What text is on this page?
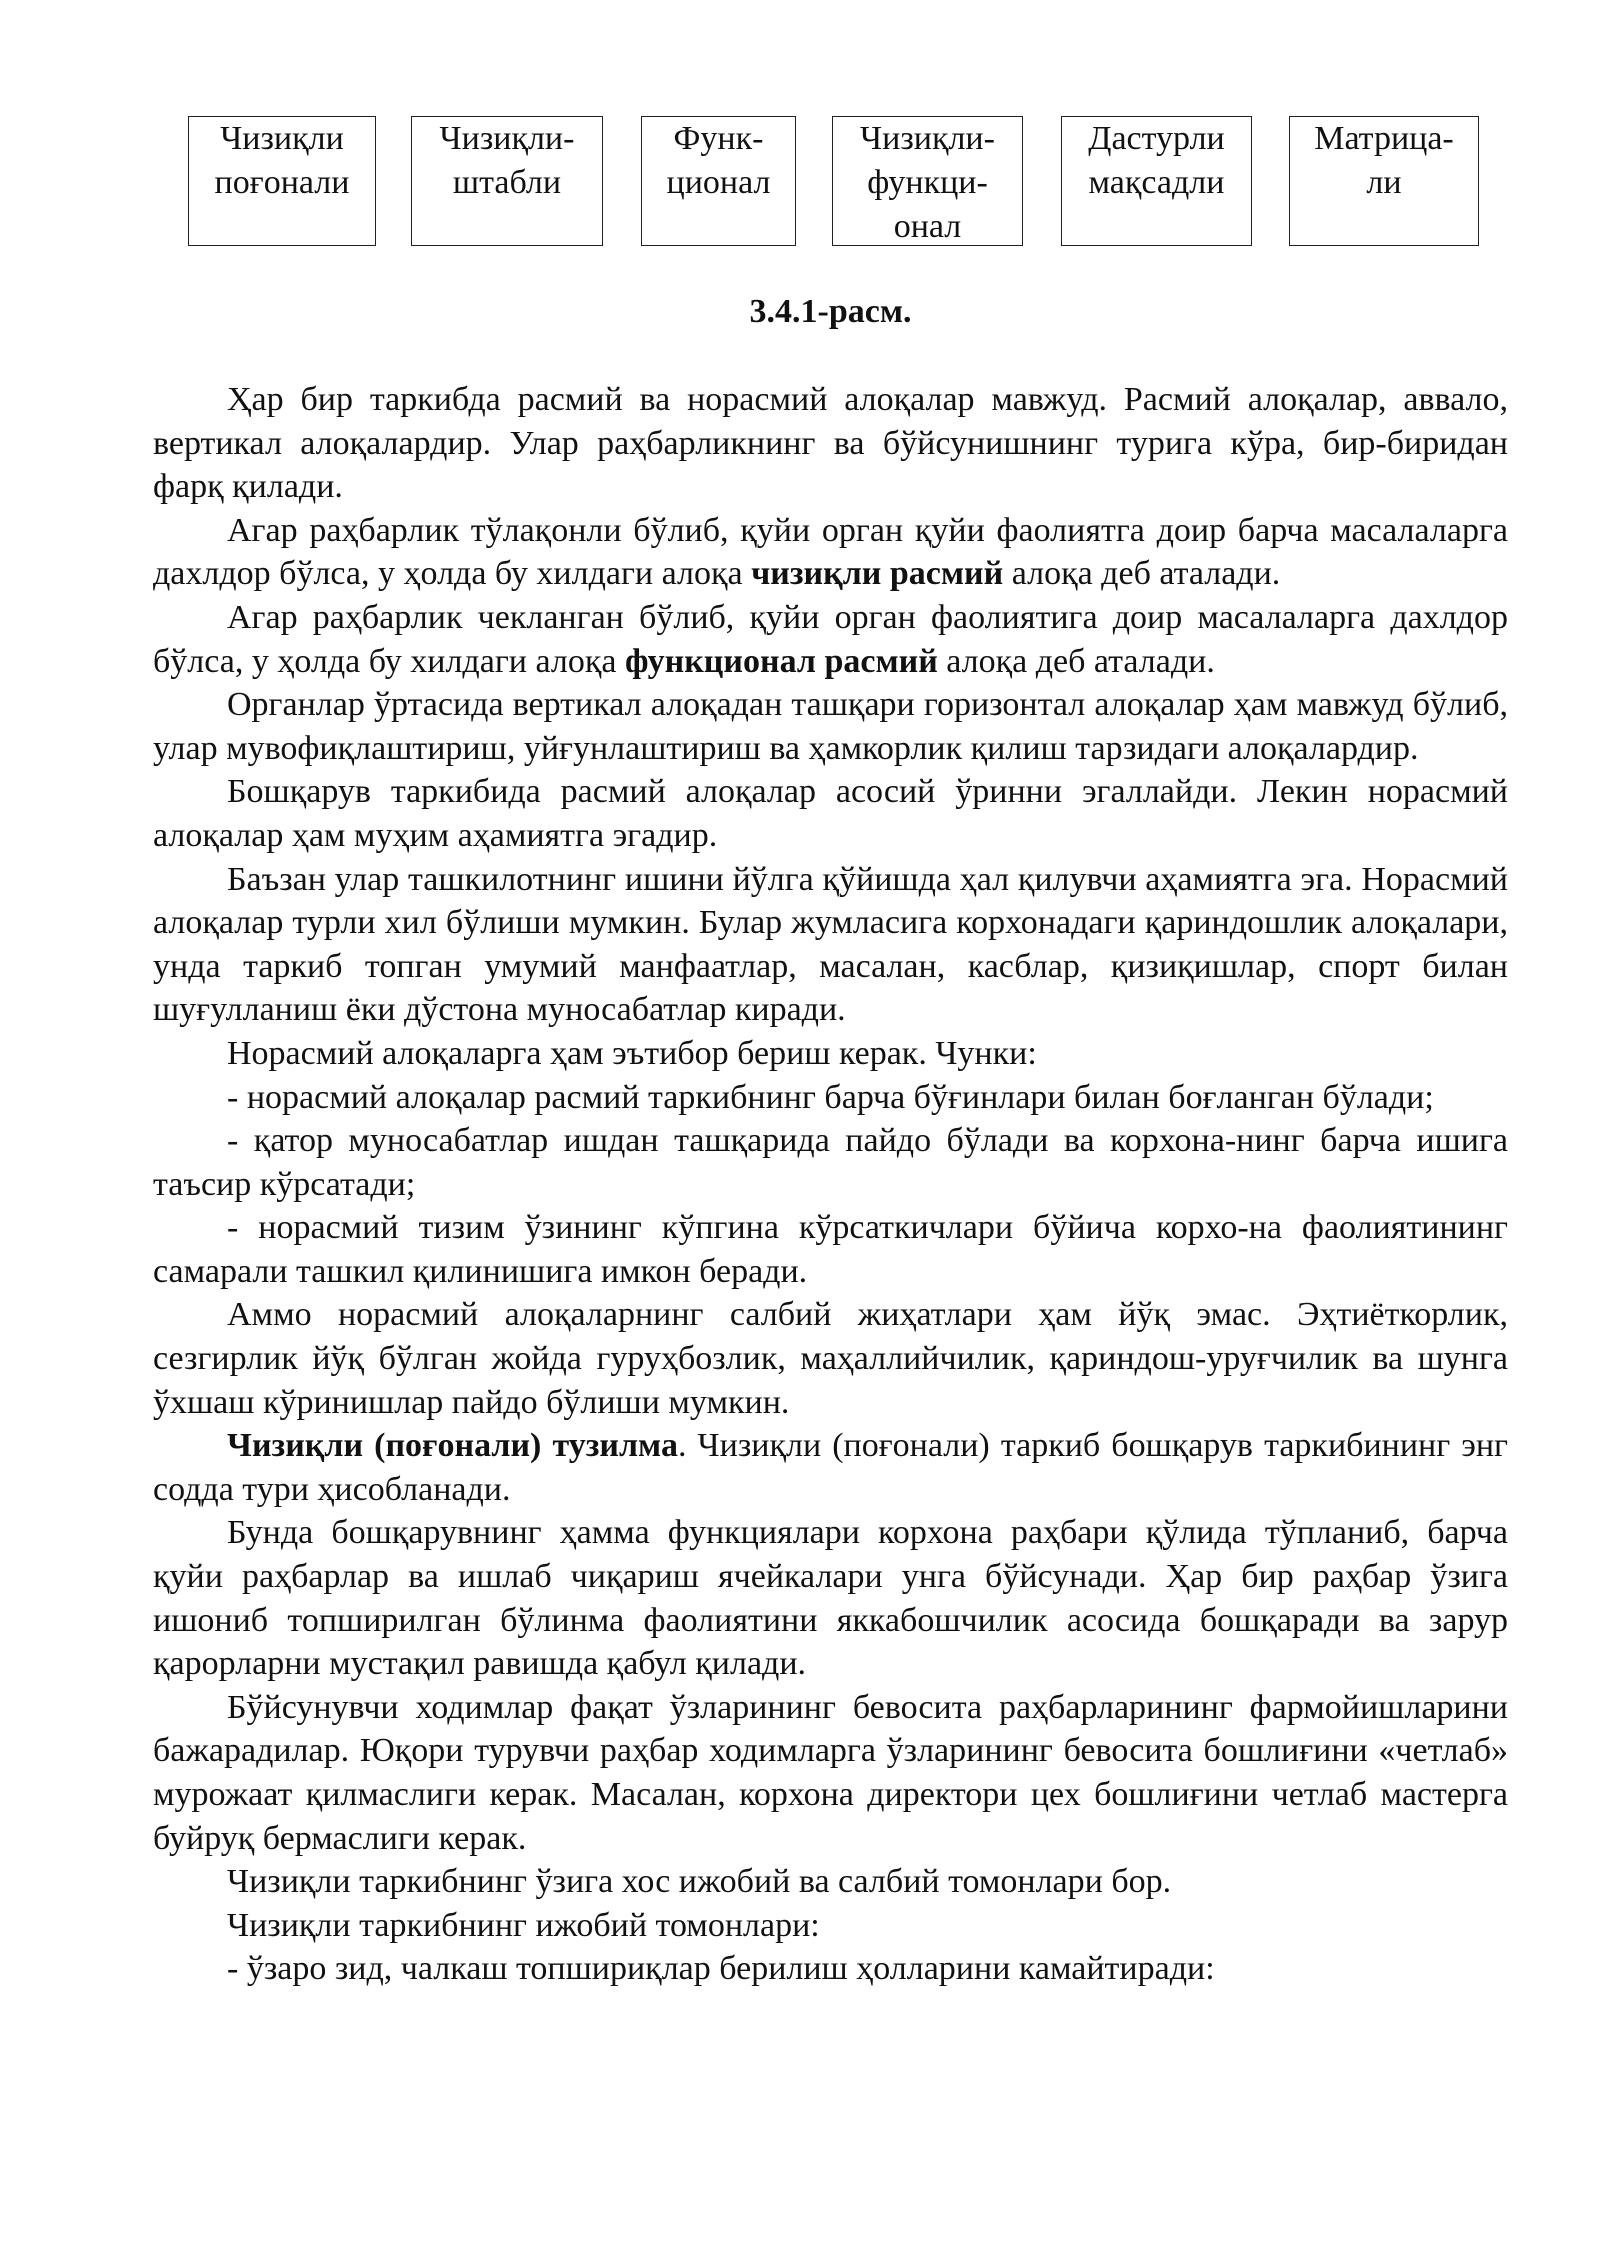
Чизиқли
поғонали
Чизиқли-
штабли
Функ-
ционал
Чизиқли-
функци-
онал
Дастурли
мақсадли
Матрица-
ли
3.4.1-расм.

Ҳар бир таркибда расмий ва норасмий алоқалар мавжуд. Расмий алоқалар, аввало, вертикал алоқалардир. Улар раҳбарликнинг ва бўйсунишнинг турига кўра, бир-биридан фарқ қилади.

Агар раҳбарлик тўлақонли бўлиб, қуйи орган қуйи фаолиятга доир барча масалаларга дахлдор бўлса, у ҳолда бу хилдаги алоқа чизиқли расмий алоқа деб аталади.

Агар раҳбарлик чекланган бўлиб, қуйи орган фаолиятига доир масалаларга дахлдор бўлса, у ҳолда бу хилдаги алоқа функционал расмий алоқа деб аталади.

Органлар ўртасида вертикал алоқадан ташқари горизонтал алоқалар ҳам мавжуд бўлиб, улар мувофиқлаштириш, уйғунлаштириш ва ҳамкорлик қилиш тарзидаги алоқалардир.

Бошқарув таркибида расмий алоқалар асосий ўринни эгаллайди. Лекин норасмий алоқалар ҳам муҳим аҳамиятга эгадир.

Баъзан улар ташкилотнинг ишини йўлга қўйишда ҳал қилувчи аҳамиятга эга. Норасмий алоқалар турли хил бўлиши мумкин. Булар жумласига корхонадаги қариндошлик алоқалари, унда таркиб топган умумий манфаатлар, масалан, касблар, қизиқишлар, спорт билан шуғулланиш ёки дўстона муносабатлар киради.

Норасмий алоқаларга ҳам эътибор бериш керак. Чунки:

- норасмий алоқалар расмий таркибнинг барча бўғинлари билан боғланган бўлади;

- қатор муносабатлар ишдан ташқарида пайдо бўлади ва корхона-нинг барча ишига таъсир кўрсатади;

- норасмий тизим ўзининг кўпгина кўрсаткичлари бўйича корхо-на фаолиятининг самарали ташкил қилинишига имкон беради.

Аммо норасмий алоқаларнинг салбий жиҳатлари ҳам йўқ эмас. Эҳтиёткорлик, сезгирлик йўқ бўлган жойда гуруҳбозлик, маҳаллийчилик, қариндош-уруғчилик ва шунга ўхшаш кўринишлар пайдо бўлиши мумкин.

Чизиқли (поғонали) тузилма. Чизиқли (поғонали) таркиб бошқарув таркибининг энг содда тури ҳисобланади.

Бунда бошқарувнинг ҳамма функциялари корхона раҳбари қўлида тўпланиб, барча қуйи раҳбарлар ва ишлаб чиқариш ячейкалари унга бўйсунади. Ҳар бир раҳбар ўзига ишониб топширилган бўлинма фаолиятини яккабошчилик асосида бошқаради ва зарур қарорларни мустақил равишда қабул қилади.

Бўйсунувчи ходимлар фақат ўзларининг бевосита раҳбарларининг фармойишларини бажарадилар. Юқори турувчи раҳбар ходимларга ўзларининг бевосита бошлиғини «четлаб» мурожаат қилмаслиги керак. Масалан, корхона директори цех бошлиғини четлаб мастерга буйруқ бермаслиги керак.

Чизиқли таркибнинг ўзига хос ижобий ва салбий томонлари бор.

Чизиқли таркибнинг ижобий томонлари:

- ўзаро зид, чалкаш топшириқлар берилиш ҳолларини камайтиради:
